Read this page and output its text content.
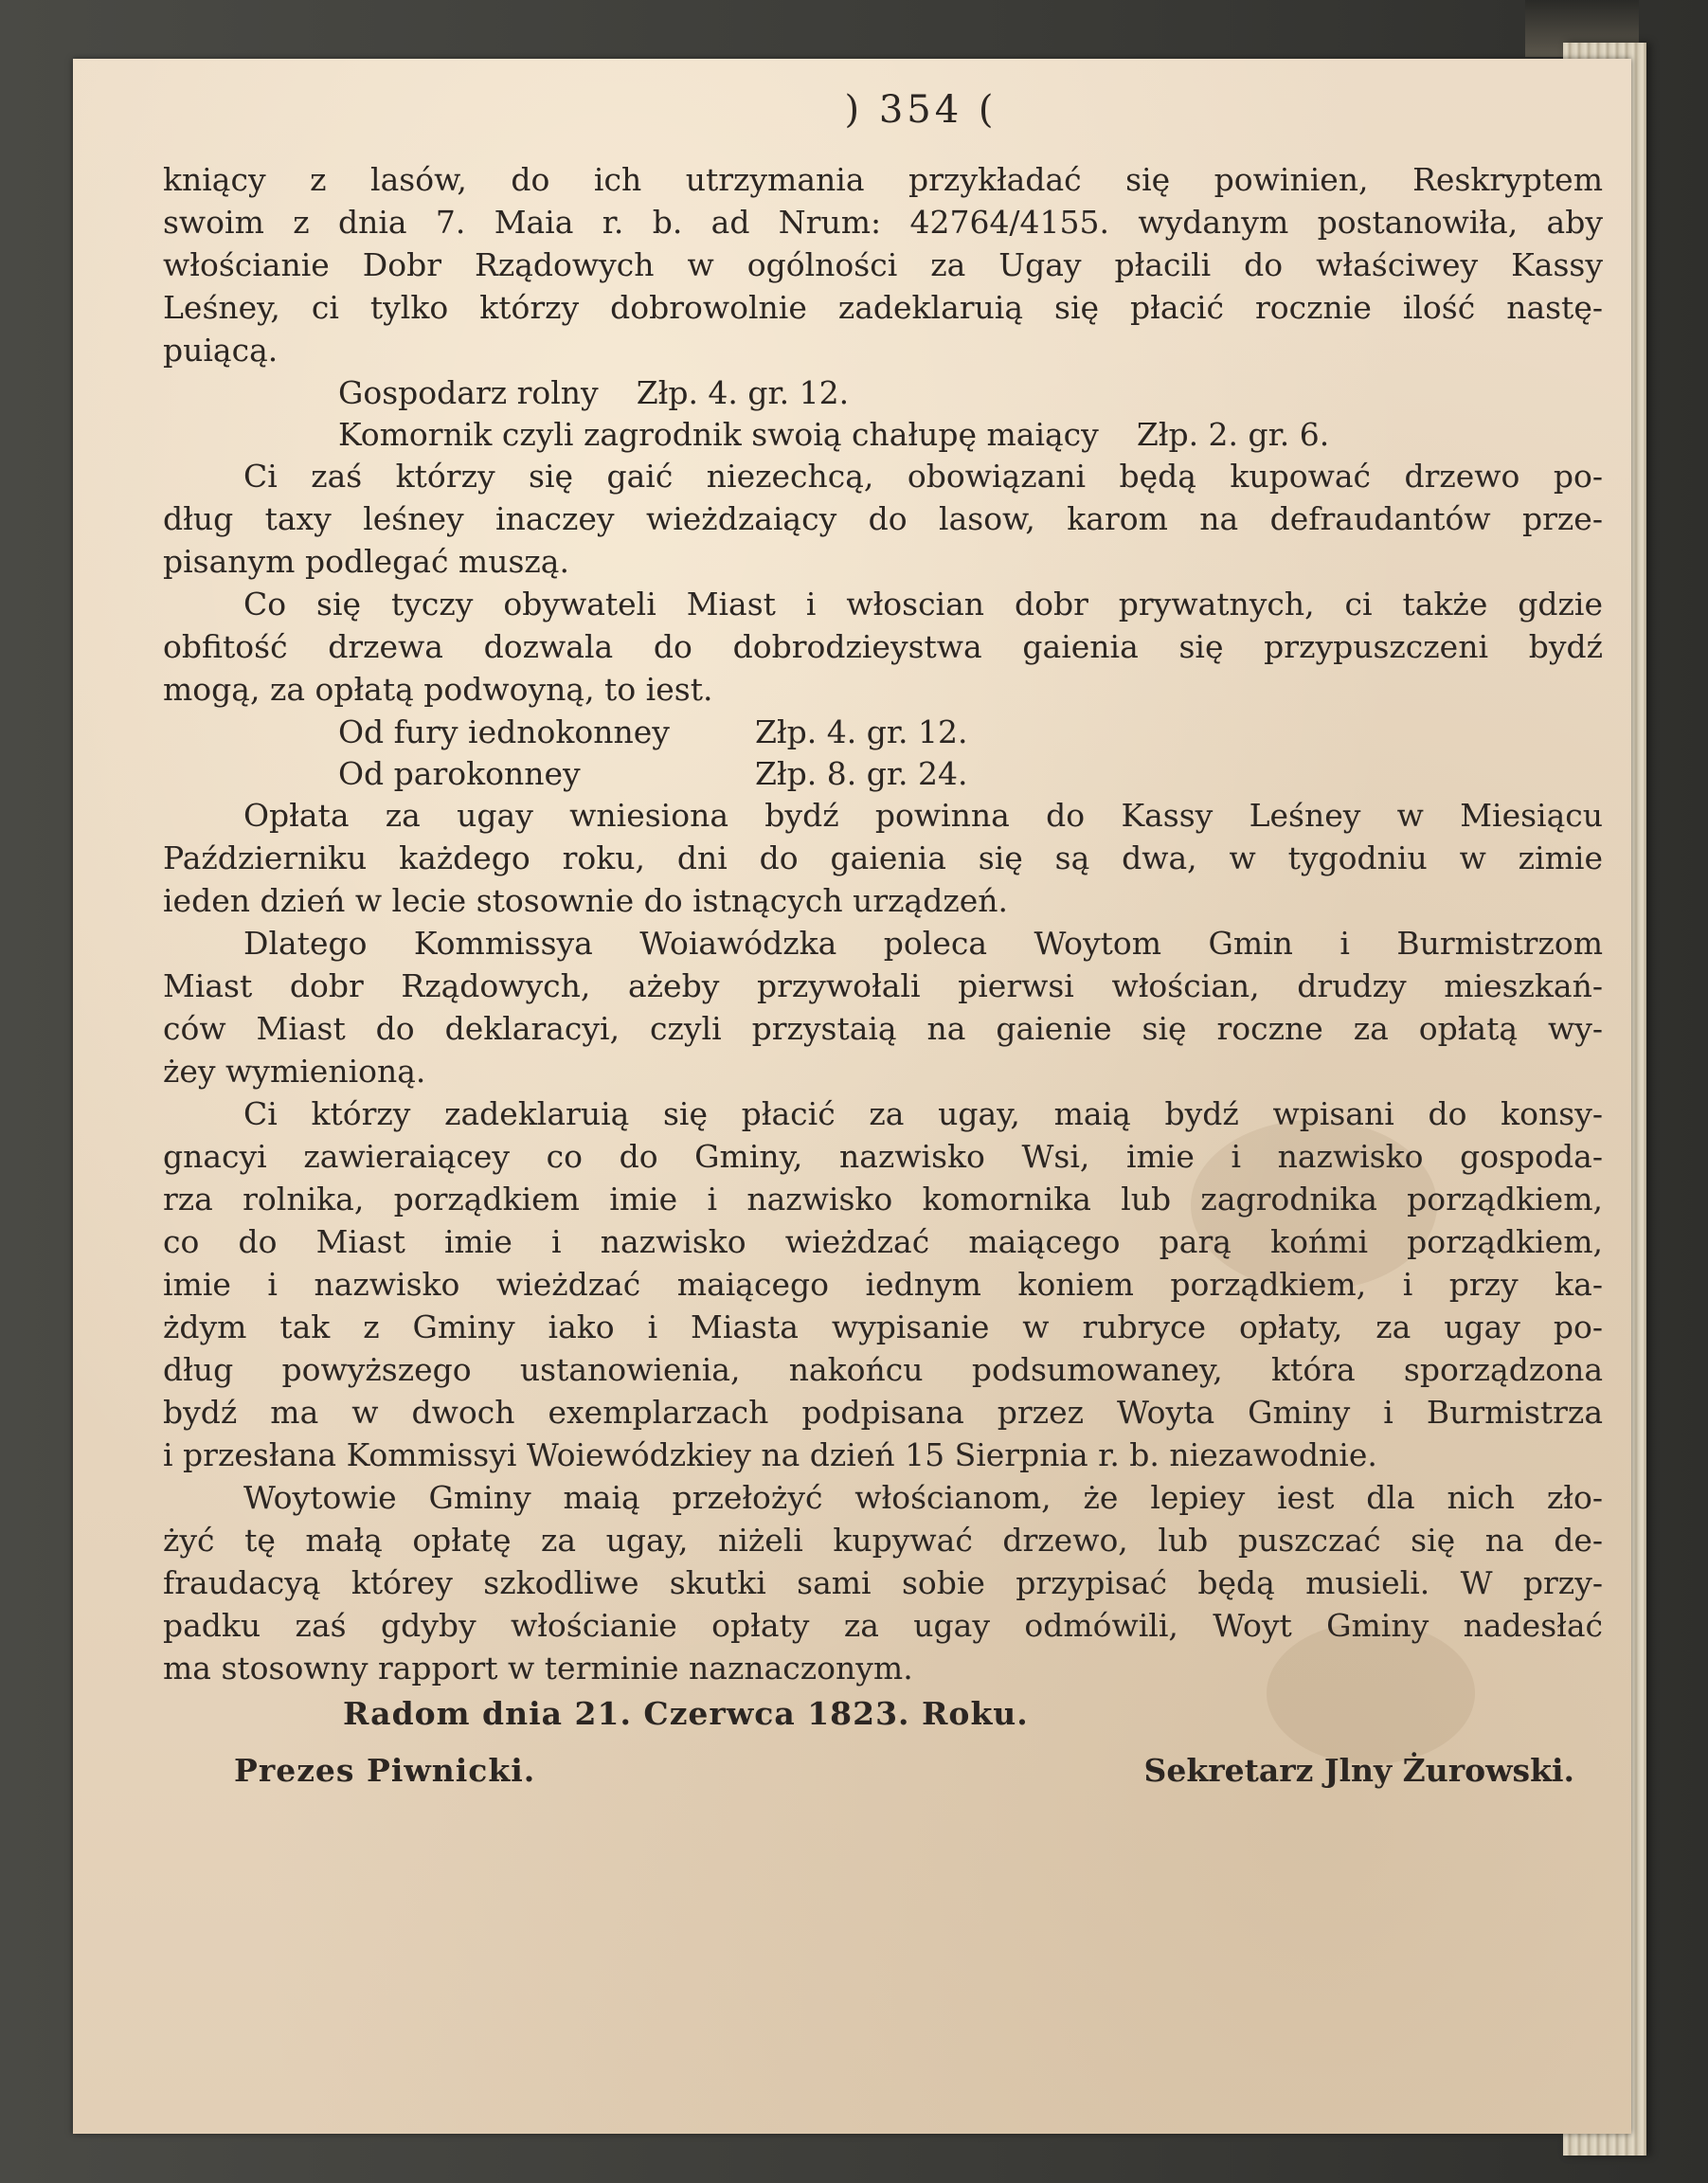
) 354 (
kniący z lasów, do ich utrzymania przykładać się powinien, Reskryptem
swoim z dnia 7. Maia r. b. ad Nrum: 42764/4155. wydanym postanowiła, aby
włościanie Dobr Rządowych w ogólności za Ugay płacili do właściwey Kassy
Leśney, ci tylko którzy dobrowolnie zadeklaruią się płacić rocznie ilość nastę-
puiącą.
Gospodarz rolny Złp. 4. gr. 12.
Komornik czyli zagrodnik swoią chałupę maiący Złp. 2. gr. 6.
Ci zaś którzy się gaić niezechcą, obowiązani będą kupować drzewo po-
dług taxy leśney inaczey wieżdzaiący do lasow, karom na defraudantów prze-
pisanym podlegać muszą.
Co się tyczy obywateli Miast i włoscian dobr prywatnych, ci także gdzie
obfitość drzewa dozwala do dobrodzieystwa gaienia się przypuszczeni bydź
mogą, za opłatą podwoyną, to iest.
Od fury iednokonney	Złp. 4. gr. 12.
Od parokonney	Złp. 8. gr. 24.
Opłata za ugay wniesiona bydź powinna do Kassy Leśney w Miesiącu
Październiku każdego roku, dni do gaienia się są dwa, w tygodniu w zimie
ieden dzień w lecie stosownie do istnących urządzeń.
Dlatego Kommissya Woiawódzka poleca Woytom Gmin i Burmistrzom
Miast dobr Rządowych, ażeby przywołali pierwsi włościan, drudzy mieszkań-
ców Miast do deklaracyi, czyli przystaią na gaienie się roczne za opłatą wy-
żey wymienioną.
Ci którzy zadeklaruią się płacić za ugay, maią bydź wpisani do konsy-
gnacyi zawieraiącey co do Gminy, nazwisko Wsi, imie i nazwisko gospoda-
rza rolnika, porządkiem imie i nazwisko komornika lub zagrodnika porządkiem,
co do Miast imie i nazwisko wieżdzać maiącego parą końmi porządkiem,
imie i nazwisko wieżdzać maiącego iednym koniem porządkiem, i przy ka-
żdym tak z Gminy iako i Miasta wypisanie w rubryce opłaty, za ugay po-
dług powyższego ustanowienia, nakońcu podsumowaney, która sporządzona
bydź ma w dwoch exemplarzach podpisana przez Woyta Gminy i Burmistrza
i przesłana Kommissyi Woiewódzkiey na dzień 15 Sierpnia r. b. niezawodnie.
Woytowie Gminy maią przełożyć włościanom, że lepiey iest dla nich zło-
żyć tę małą opłatę za ugay, niżeli kupywać drzewo, lub puszczać się na de-
fraudacyą którey szkodliwe skutki sami sobie przypisać będą musieli. W przy-
padku zaś gdyby włościanie opłaty za ugay odmówili, Woyt Gminy nadesłać
ma stosowny rapport w terminie naznaczonym.
Radom dnia 21. Czerwca 1823. Roku.
Prezes Piwnicki.	Sekretarz Jlny Żurowski.
